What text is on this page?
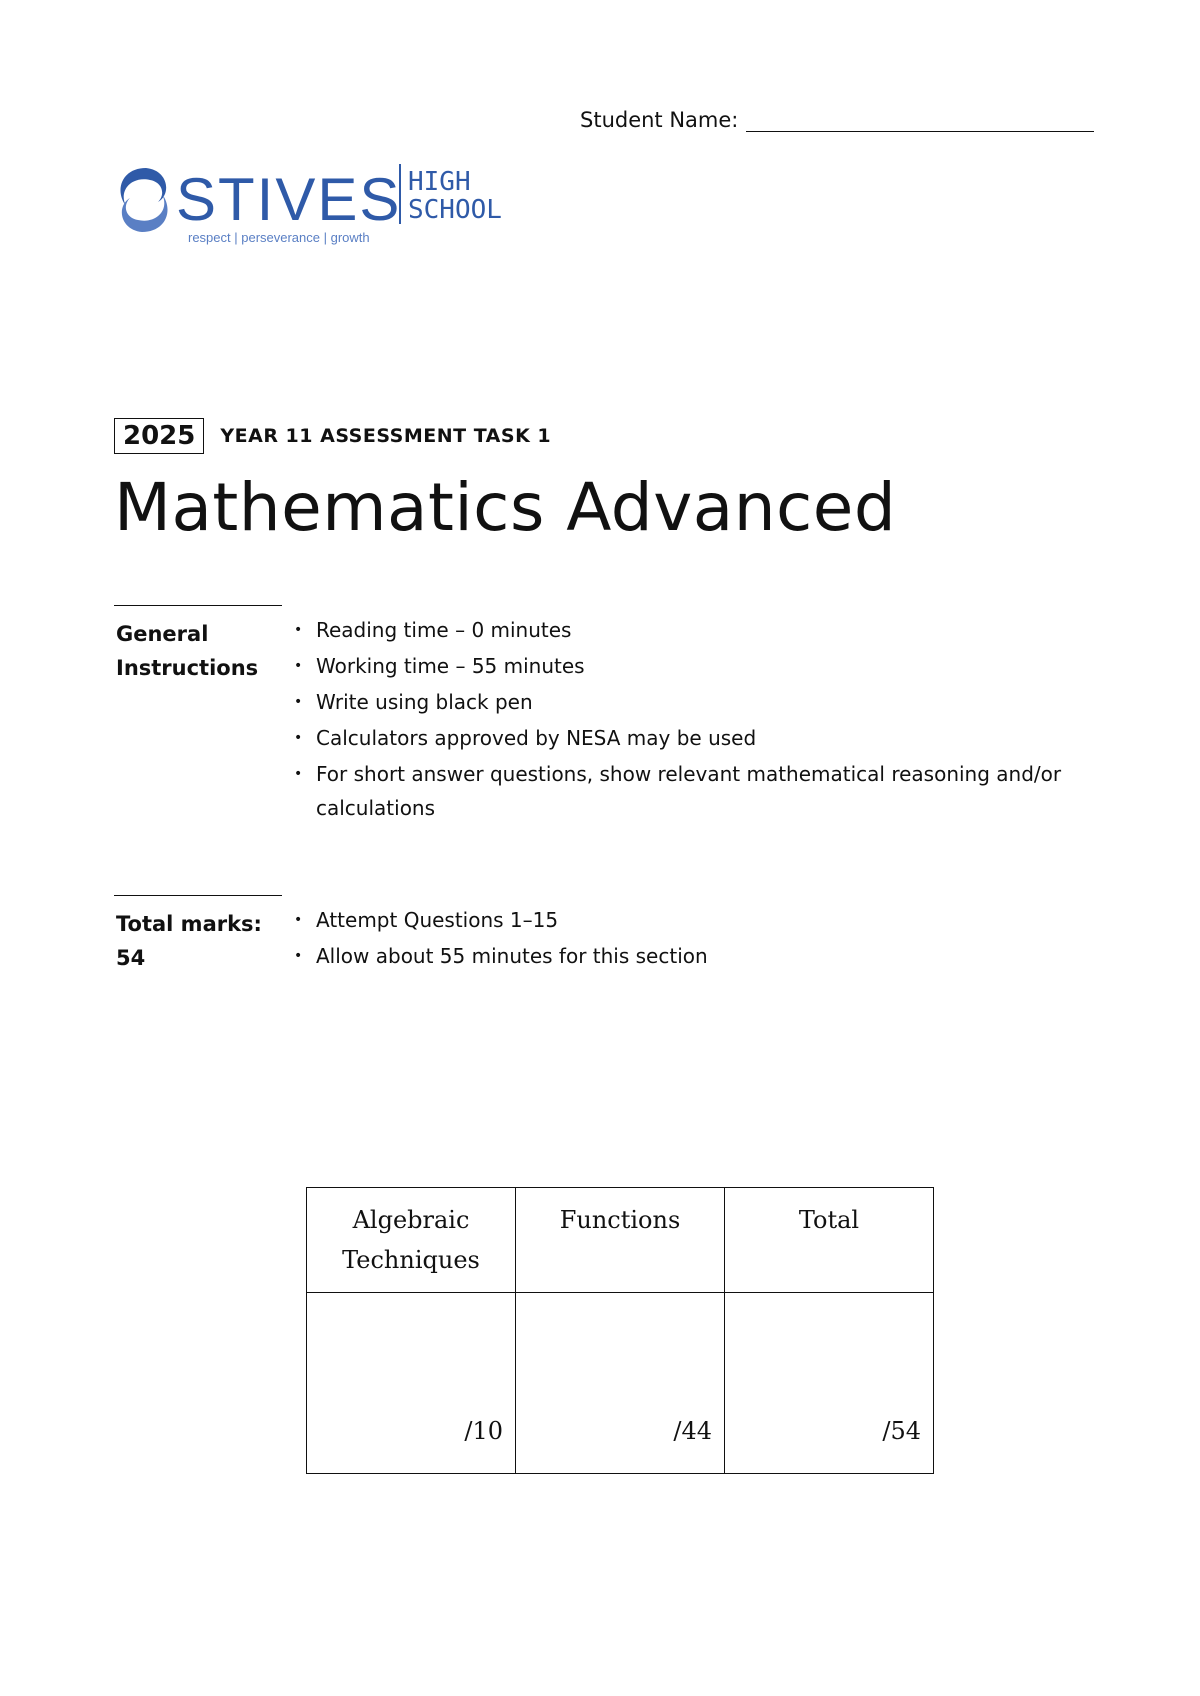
Student Name:
STIVES HIGH
SCHOOL
respect | perseverance | growth
2025	YEAR 11 ASSESSMENT TASK 1
Mathematics Advanced
General Instructions
• Reading time – 0 minutes
• Working time – 55 minutes
• Write using black pen
• Calculators approved by NESA may be used
• For short answer questions, show relevant mathematical reasoning and/or calculations
Total marks: 54
• Attempt Questions 1–15
• Allow about 55 minutes for this section
Algebraic Techniques	Functions	Total
/10	/44	/54
